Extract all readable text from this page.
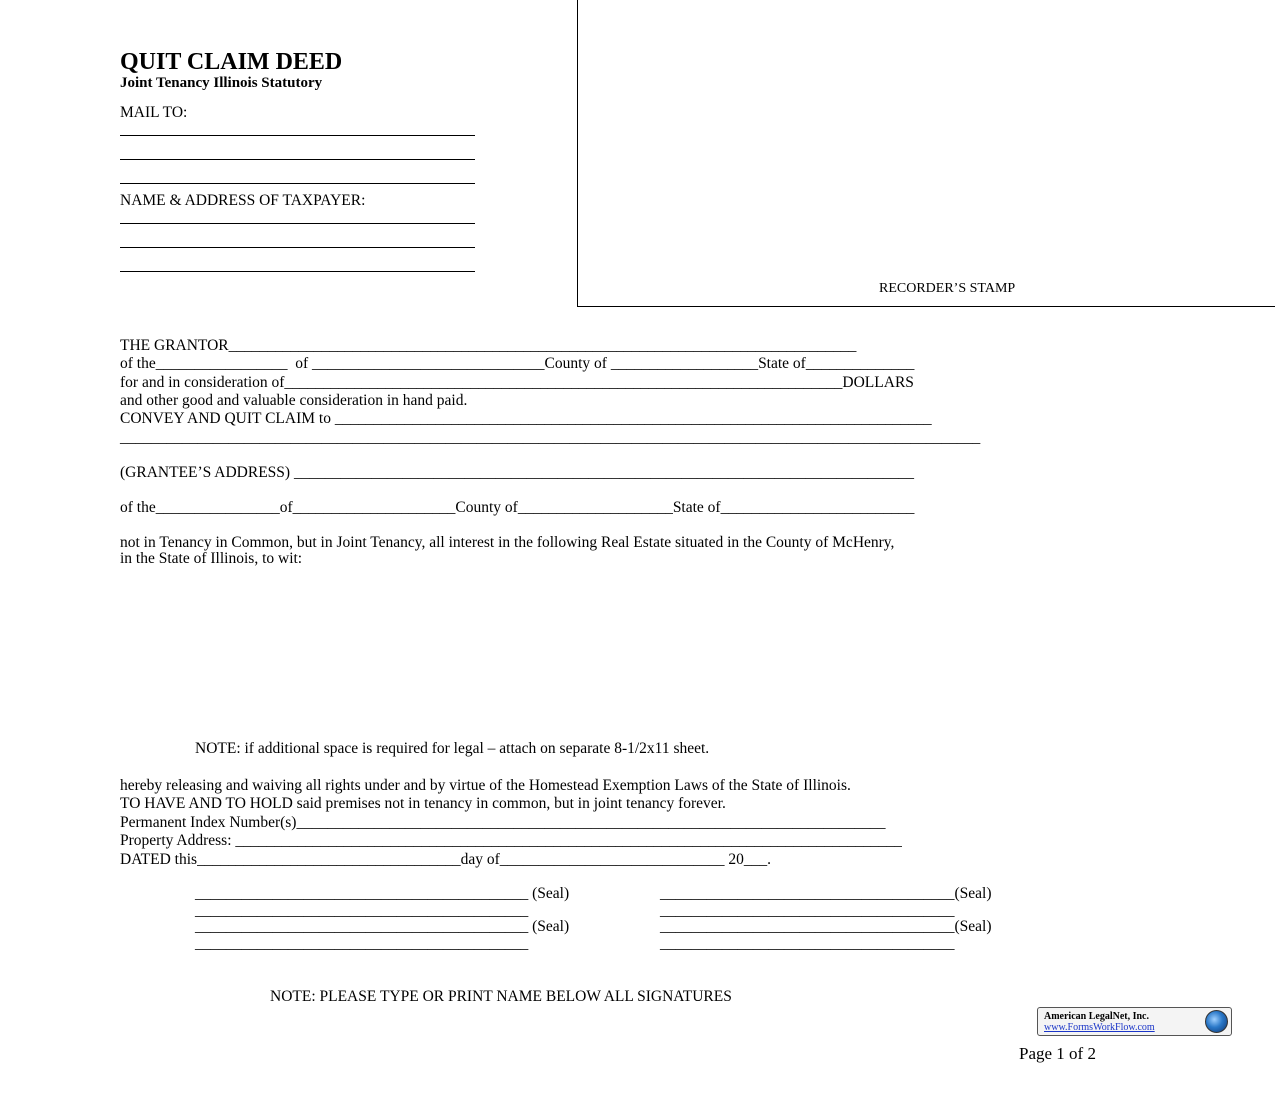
QUIT CLAIM DEED
Joint Tenancy Illinois Statutory
MAIL TO:
NAME & ADDRESS OF TAXPAYER:
RECORDER’S STAMP
THE GRANTOR_________________________________________________________________________________
of the_________________  of ______________________________County of ___________________State of______________
for and in consideration of________________________________________________________________________DOLLARS
and other good and valuable consideration in hand paid.
CONVEY AND QUIT CLAIM to _____________________________________________________________________________
_______________________________________________________________________________________________________________
(GRANTEE’S ADDRESS) ________________________________________________________________________________
of the________________of_____________________County of____________________State of_________________________
not in Tenancy in Common, but in Joint Tenancy, all interest in the following Real Estate situated in the County of McHenry,
in the State of Illinois, to wit:
NOTE: if additional space is required for legal – attach on separate 8-1/2x11 sheet.
hereby releasing and waiving all rights under and by virtue of the Homestead Exemption Laws of the State of Illinois.
TO HAVE AND TO HOLD said premises not in tenancy in common, but in joint tenancy forever.
Permanent Index Number(s)____________________________________________________________________________
Property Address: ______________________________________________________________________________________
DATED this__________________________________day of_____________________________ 20___.
___________________________________________ (Seal)	______________________________________(Seal)
___________________________________________	______________________________________
___________________________________________ (Seal)	______________________________________(Seal)
___________________________________________	______________________________________
NOTE: PLEASE TYPE OR PRINT NAME BELOW ALL SIGNATURES
American LegalNet, Inc.
www.FormsWorkFlow.com
Page 1 of 2
